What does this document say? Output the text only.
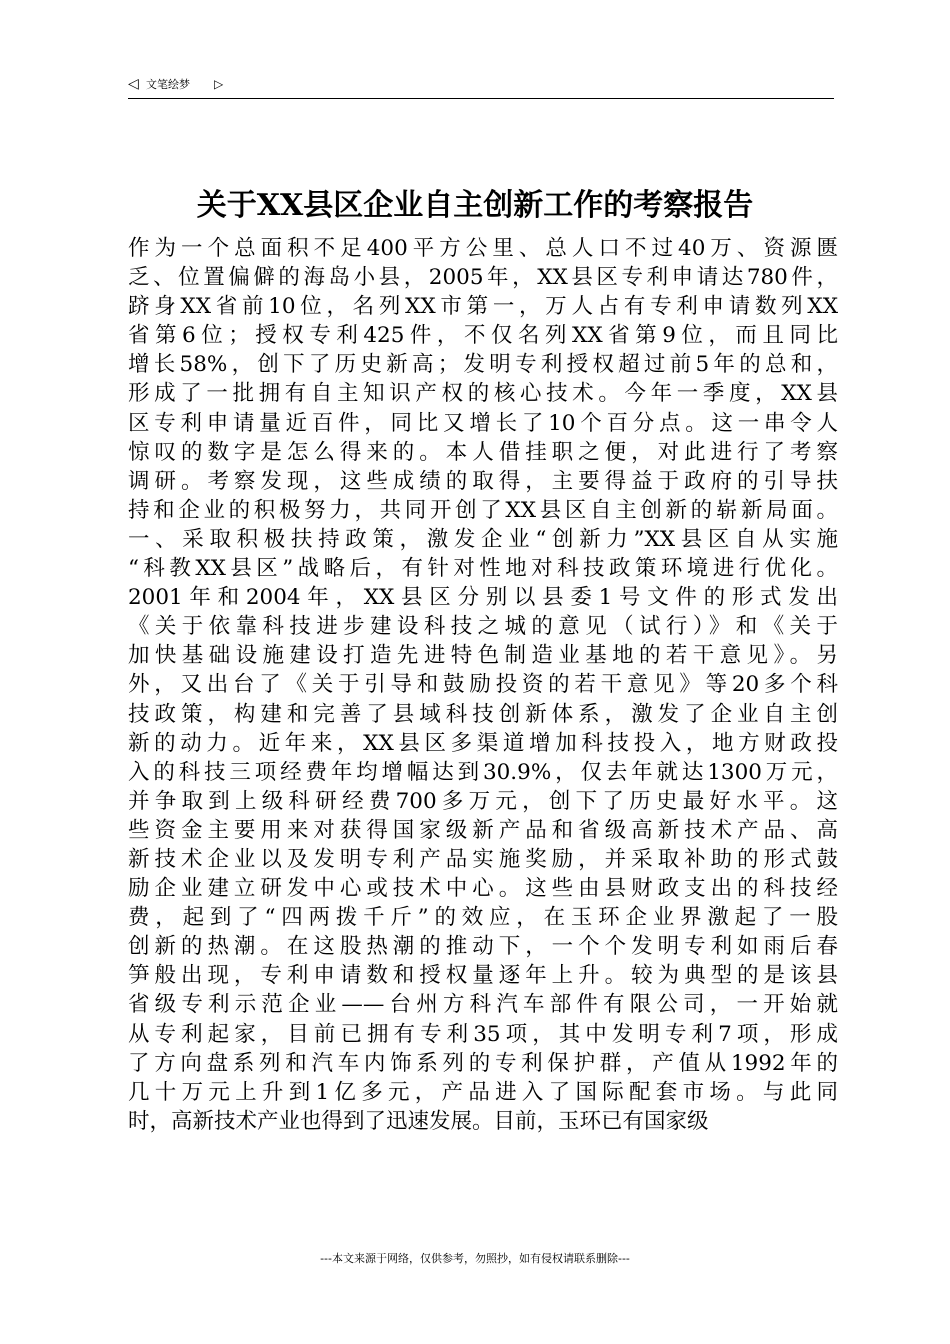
◁ 文笔绘梦 ▷
关于XX县区企业自主创新工作的考察报告
作为一个总面积不足400平方公里、总人口不过40万、资源匮
乏、位置偏僻的海岛小县，2005年，XX县区专利申请达780件，
跻身XX省前10位，名列XX市第一，万人占有专利申请数列XX
省第6位；授权专利425件，不仅名列XX省第9位，而且同比
增长58%，创下了历史新高；发明专利授权超过前5年的总和，
形成了一批拥有自主知识产权的核心技术。今年一季度，XX县
区专利申请量近百件，同比又增长了10个百分点。这一串令人
惊叹的数字是怎么得来的。本人借挂职之便，对此进行了考察
调研。考察发现，这些成绩的取得，主要得益于政府的引导扶
持和企业的积极努力，共同开创了XX县区自主创新的崭新局面。
一、采取积极扶持政策，激发企业“创新力”XX县区自从实施
“科教XX县区”战略后，有针对性地对科技政策环境进行优化。
2001年和2004年，XX县区分别以县委1号文件的形式发出
《关于依靠科技进步建设科技之城的意见（试行）》和《关于
加快基础设施建设打造先进特色制造业基地的若干意见》。另
外，又出台了《关于引导和鼓励投资的若干意见》等20多个科
技政策，构建和完善了县域科技创新体系，激发了企业自主创
新的动力。近年来，XX县区多渠道增加科技投入，地方财政投
入的科技三项经费年均增幅达到30.9%，仅去年就达1300万元，
并争取到上级科研经费700多万元，创下了历史最好水平。这
些资金主要用来对获得国家级新产品和省级高新技术产品、高
新技术企业以及发明专利产品实施奖励，并采取补助的形式鼓
励企业建立研发中心或技术中心。这些由县财政支出的科技经
费，起到了“四两拨千斤”的效应，在玉环企业界激起了一股
创新的热潮。在这股热潮的推动下，一个个发明专利如雨后春
笋般出现，专利申请数和授权量逐年上升。较为典型的是该县
省级专利示范企业——台州方科汽车部件有限公司，一开始就
从专利起家，目前已拥有专利35项，其中发明专利7项，形成
了方向盘系列和汽车内饰系列的专利保护群，产值从1992年的
几十万元上升到1亿多元，产品进入了国际配套市场。与此同
时，高新技术产业也得到了迅速发展。目前，玉环已有国家级
---本文来源于网络，仅供参考，勿照抄，如有侵权请联系删除---
